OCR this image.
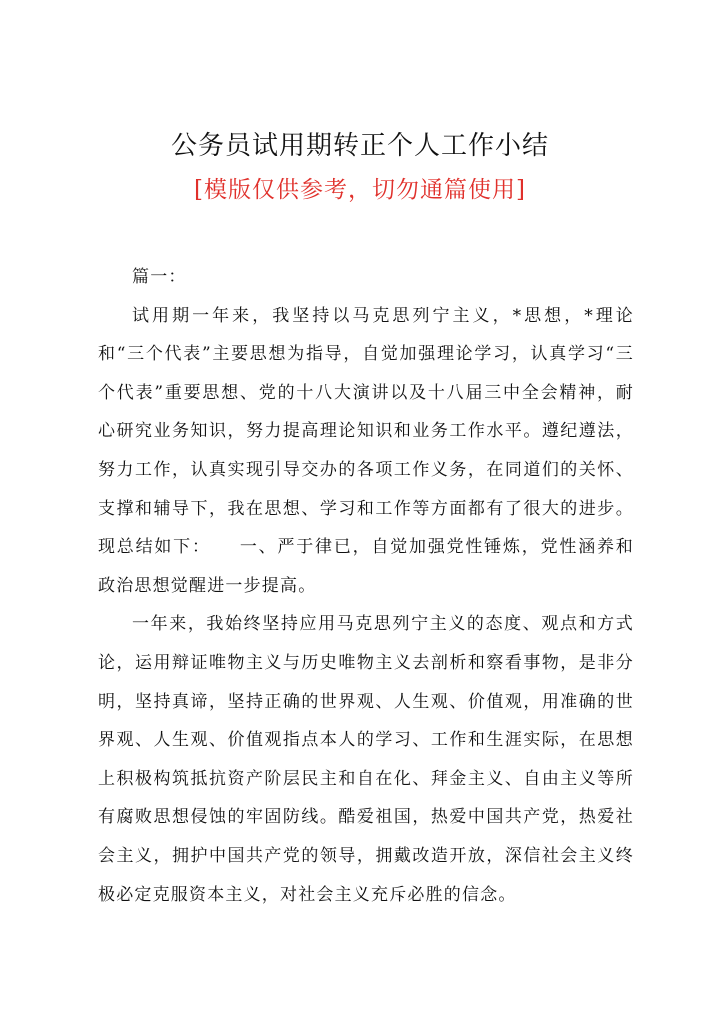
公务员试用期转正个人工作小结
[模版仅供参考，切勿通篇使用]

篇一：

试用期一年来，我坚持以马克思列宁主义，*思想，*理论和“三个代表”主要思想为指导，自觉加强理论学习，认真学习“三个代表”重要思想、党的十八大演讲以及十八届三中全会精神，耐心研究业务知识，努力提高理论知识和业务工作水平。遵纪遵法，努力工作，认真实现引导交办的各项工作义务，在同道们的关怀、支撑和辅导下，我在思想、学习和工作等方面都有了很大的进步。现总结如下：　　一、严于律已，自觉加强党性锤炼，党性涵养和政治思想觉醒进一步提高。

一年来，我始终坚持应用马克思列宁主义的态度、观点和方式论，运用辩证唯物主义与历史唯物主义去剖析和察看事物，是非分明，坚持真谛，坚持正确的世界观、人生观、价值观，用准确的世界观、人生观、价值观指点本人的学习、工作和生涯实际，在思想上积极构筑抵抗资产阶层民主和自在化、拜金主义、自由主义等所有腐败思想侵蚀的牢固防线。酷爱祖国，热爱中国共产党，热爱社会主义，拥护中国共产党的领导，拥戴改造开放，深信社会主义终极必定克服资本主义，对社会主义充斥必胜的信念。
